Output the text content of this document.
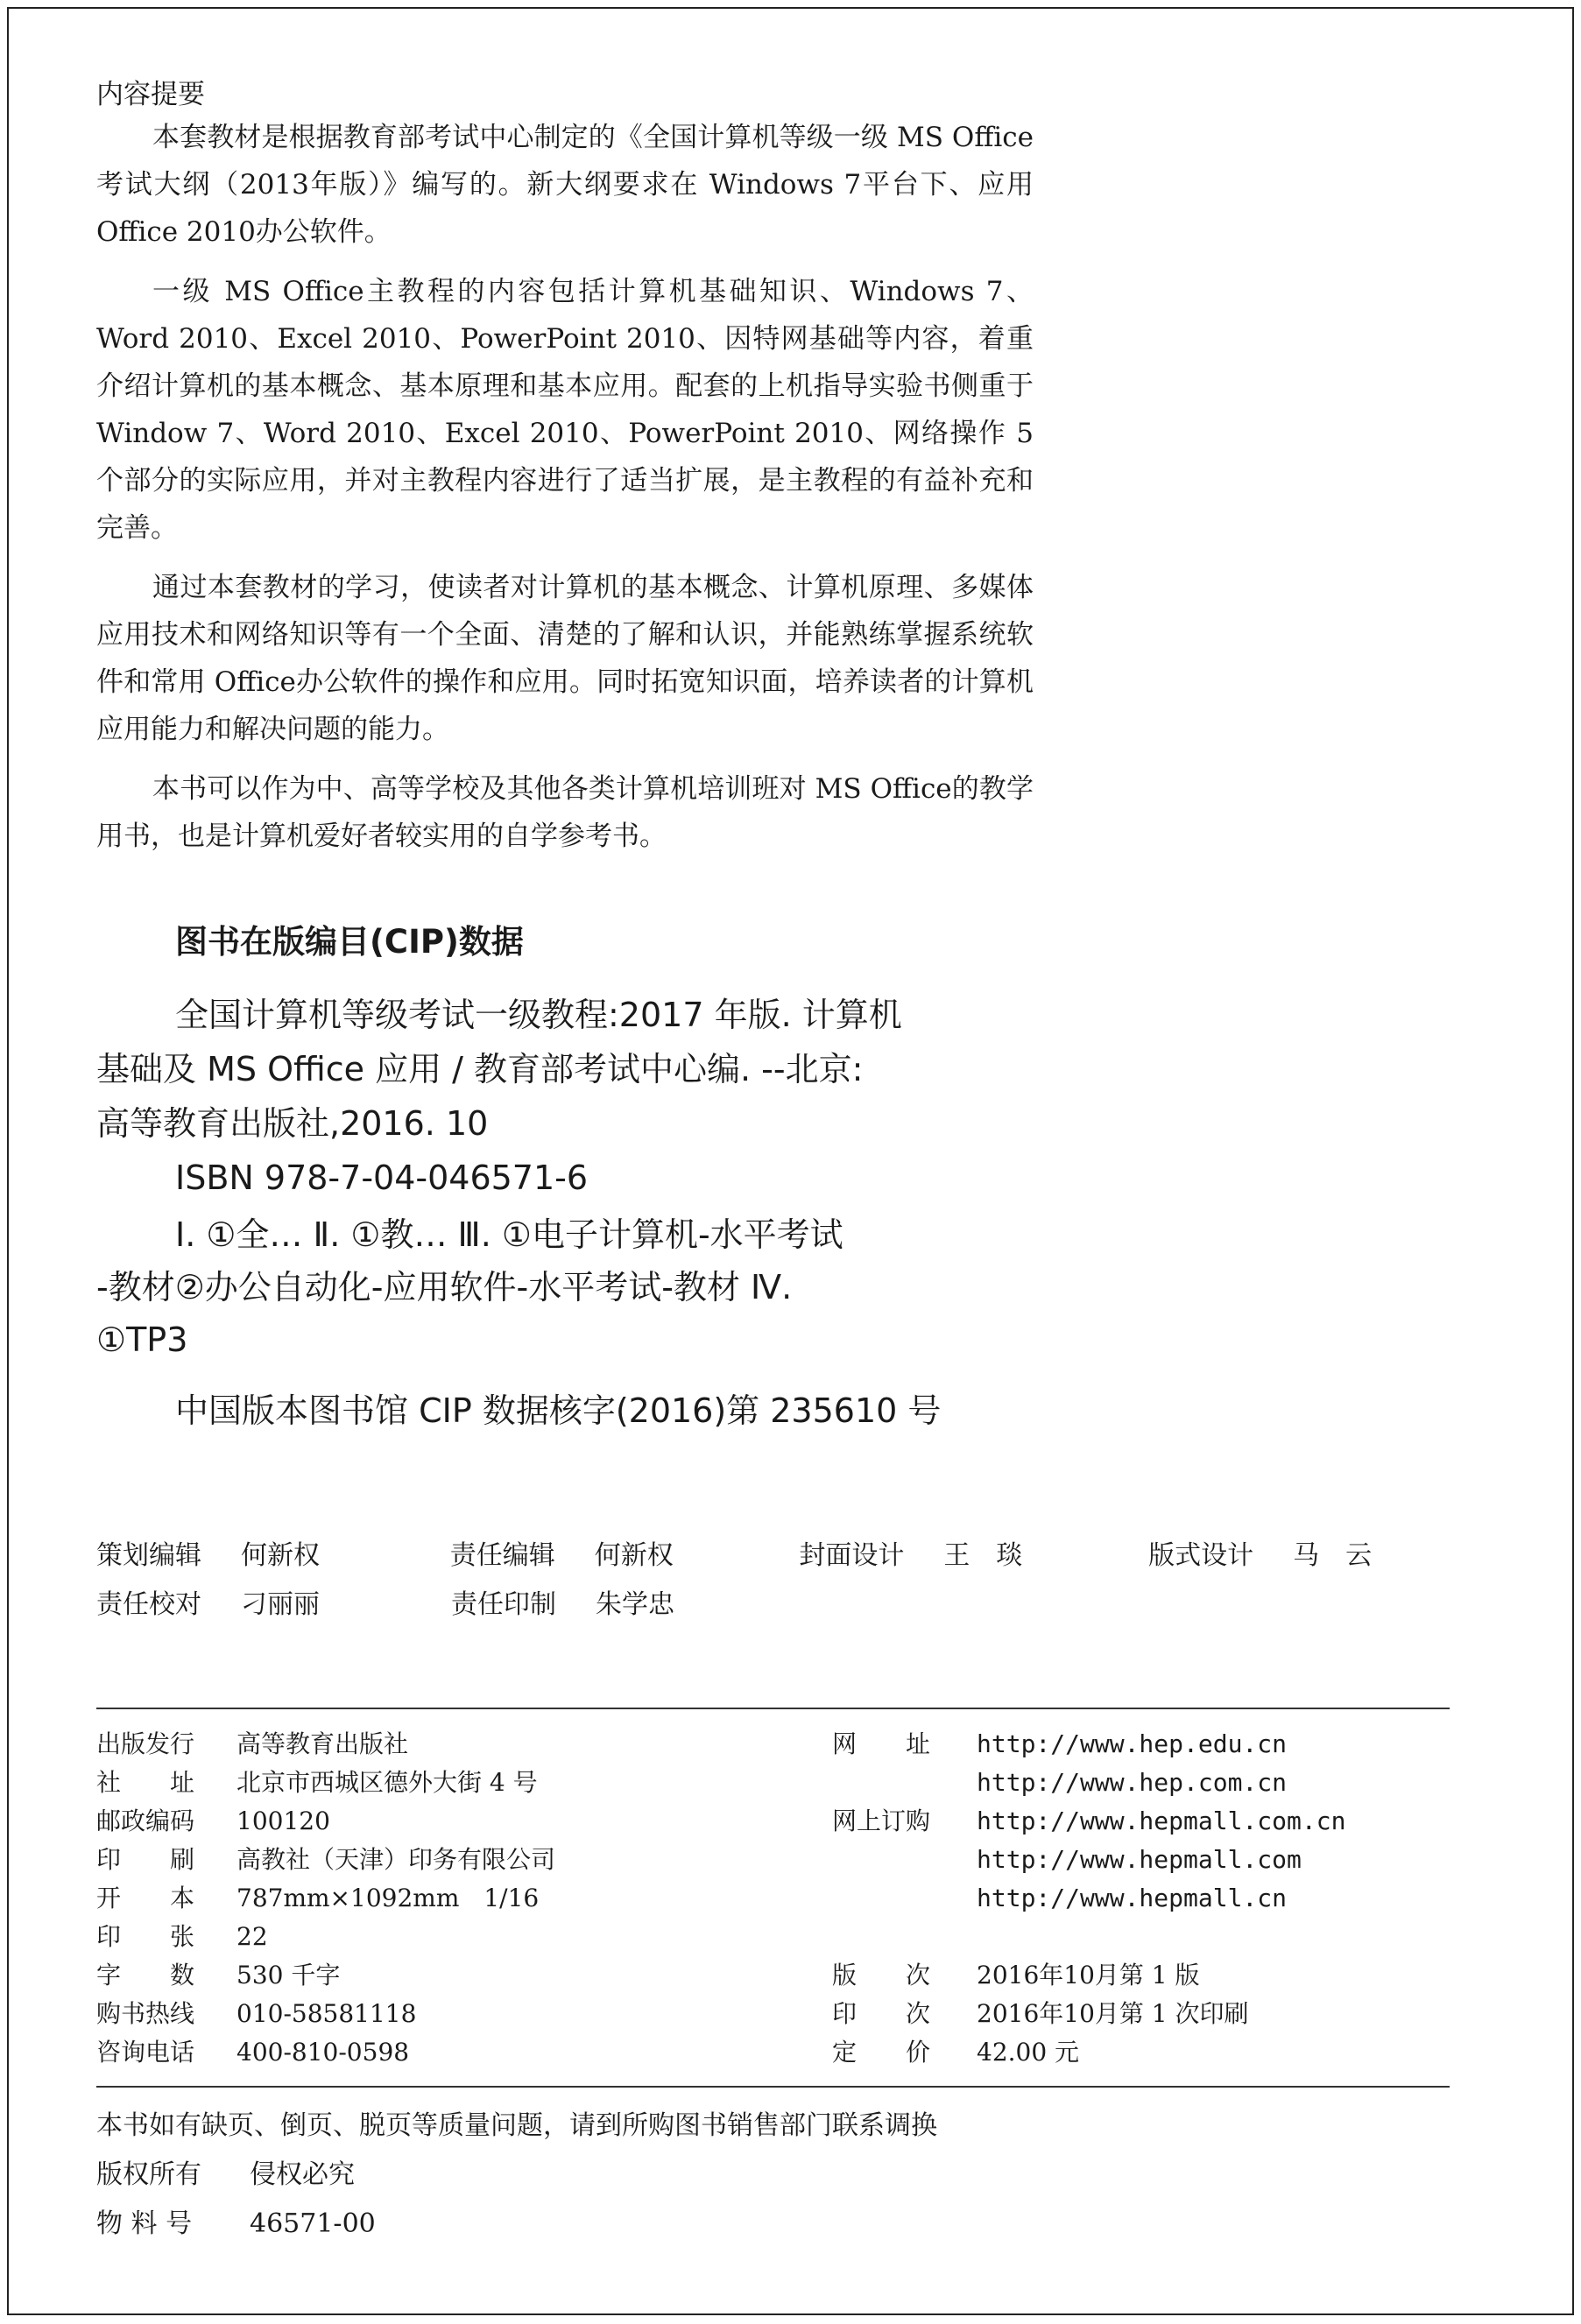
内容提要

本套教材是根据教育部考试中心制定的《全国计算机等级一级 MS Office考试大纲（2013年版）》编写的。新大纲要求在 Windows 7平台下、应用 Office 2010办公软件。

一级 MS Office主教程的内容包括计算机基础知识、Windows 7、Word 2010、Excel 2010、PowerPoint 2010、因特网基础等内容，着重介绍计算机的基本概念、基本原理和基本应用。配套的上机指导实验书侧重于 Window 7、Word 2010、Excel 2010、PowerPoint 2010、网络操作 5个部分的实际应用，并对主教程内容进行了适当扩展，是主教程的有益补充和完善。

通过本套教材的学习，使读者对计算机的基本概念、计算机原理、多媒体应用技术和网络知识等有一个全面、清楚的了解和认识，并能熟练掌握系统软件和常用 Office办公软件的操作和应用。同时拓宽知识面，培养读者的计算机应用能力和解决问题的能力。

本书可以作为中、高等学校及其他各类计算机培训班对 MS Office的教学用书，也是计算机爱好者较实用的自学参考书。

图书在版编目(CIP)数据
全国计算机等级考试一级教程:2017 年版. 计算机
基础及 MS Office 应用 / 教育部考试中心编. --北京:
高等教育出版社,2016. 10
ISBN 978-7-04-046571-6
Ⅰ. ①全… Ⅱ. ①教… Ⅲ. ①电子计算机-水平考试
-教材②办公自动化-应用软件-水平考试-教材 Ⅳ.
①TP3
中国版本图书馆 CIP 数据核字(2016)第 235610 号
策划编辑	何新权	责任编辑	何新权	封面设计	王　琰	版式设计	马　云
责任校对	刁丽丽	责任印制	朱学忠
出版发行	高等教育出版社
社　　址	北京市西城区德外大街 4 号
邮政编码	100120
印　　刷	高教社（天津）印务有限公司
开　　本	787mm×1092mm　1/16
印　　张	22
字　　数	530 千字
购书热线	010-58581118
咨询电话	400-810-0598
网　　址	http://www.hep.edu.cn
http://www.hep.com.cn
网上订购	http://www.hepmall.com.cn
http://www.hepmall.com
http://www.hepmall.cn
版　　次	2016年10月第 1 版
印　　次	2016年10月第 1 次印刷
定　　价	42.00 元
本书如有缺页、倒页、脱页等质量问题，请到所购图书销售部门联系调换
版权所有	侵权必究
物 料 号	46571-00
